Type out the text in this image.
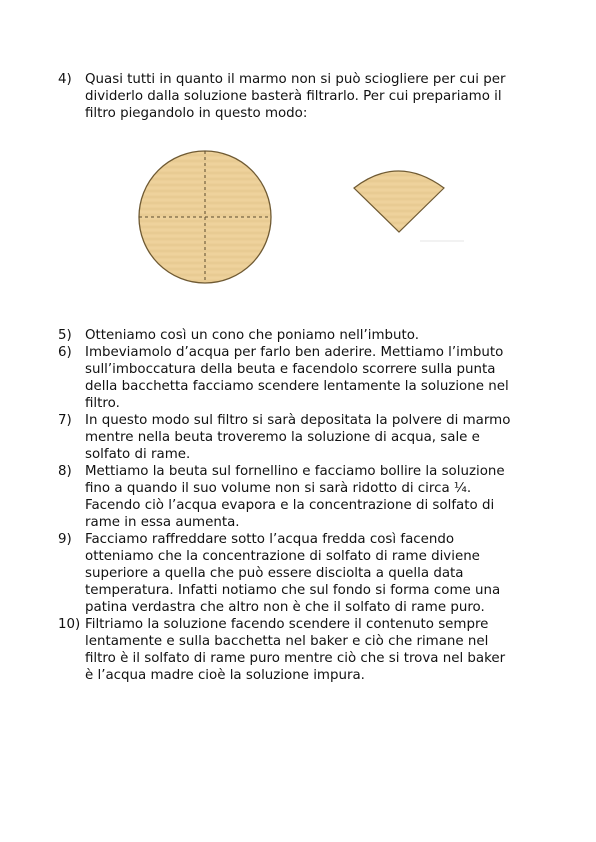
4) Quasi tutti in quanto il marmo non si può sciogliere per cui per
dividerlo dalla soluzione basterà filtrarlo. Per cui prepariamo il
filtro piegandolo in questo modo:
5) Otteniamo così un cono che poniamo nell’imbuto.
6) Imbeviamolo d’acqua per farlo ben aderire. Mettiamo l’imbuto
sull’imboccatura della beuta e facendolo scorrere sulla punta
della bacchetta facciamo scendere lentamente la soluzione nel
filtro.
7) In questo modo sul filtro si sarà depositata la polvere di marmo
mentre nella beuta troveremo la soluzione di acqua, sale e
solfato di rame.
8) Mettiamo la beuta sul fornellino e facciamo bollire la soluzione
fino a quando il suo volume non si sarà ridotto di circa ¼.
Facendo ciò l’acqua evapora e la concentrazione di solfato di
rame in essa aumenta.
9) Facciamo raffreddare sotto l’acqua fredda così facendo
otteniamo che la concentrazione di solfato di rame diviene
superiore a quella che può essere disciolta a quella data
temperatura. Infatti notiamo che sul fondo si forma come una
patina verdastra che altro non è che il solfato di rame puro.
10) Filtriamo la soluzione facendo scendere il contenuto sempre
lentamente e sulla bacchetta nel baker e ciò che rimane nel
filtro è il solfato di rame puro mentre ciò che si trova nel baker
è l’acqua madre cioè la soluzione impura.
